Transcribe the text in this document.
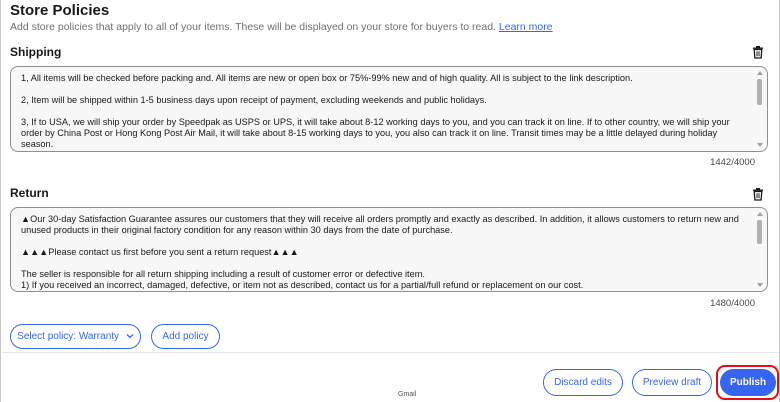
Store Policies
Add store policies that apply to all of your items. These will be displayed on your store for buyers to read. Learn more
Shipping

1, All items will be checked before packing and. All items are new or open box or 75%-99% new and of high quality. All is subject to the link description.

2, Item will be shipped within 1-5 business days upon receipt of payment, excluding weekends and public holidays.

3, If to USA, we will ship your order by Speedpak as USPS or UPS, it will take about 8-12 working days to you, and you can track it on line. If to other country, we will ship your order by China Post or Hong Kong Post Air Mail, it will take about 8-15 working days to you, you also can track it on line. Transit times may be a little delayed during holiday season.

1442/4000
Return

▲Our 30-day Satisfaction Guarantee assures our customers that they will receive all orders promptly and exactly as described. In addition, it allows customers to return new and unused products in their original factory condition for any reason within 30 days from the date of purchase.

▲▲▲Please contact us first before you sent a return request▲▲▲

The seller is responsible for all return shipping including a result of customer error or defective item.

1) If you received an incorrect, damaged, defective, or item not as described, contact us for a partial/full refund or replacement on our cost.

1480/4000
Select policy: Warranty	Add policy
Discard edits	Preview draft	Publish
Gmail
